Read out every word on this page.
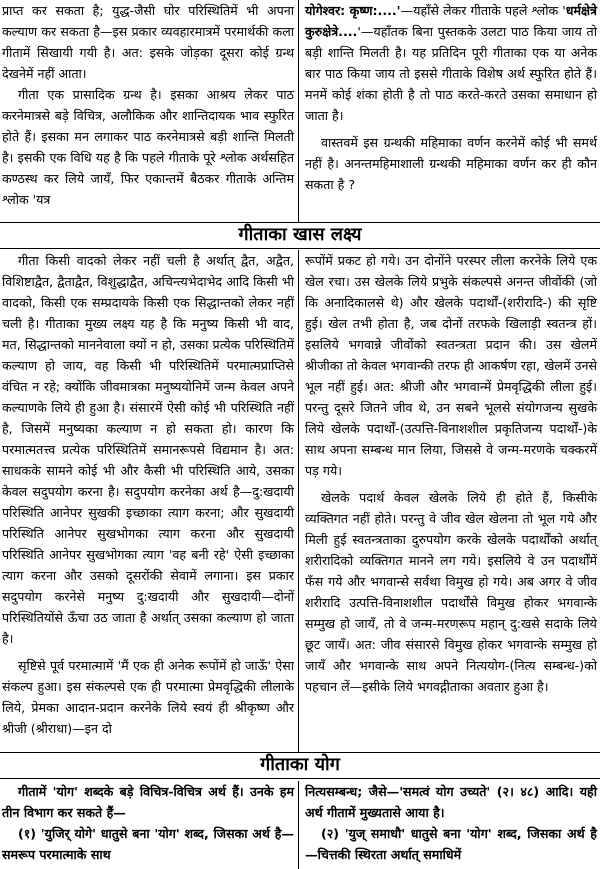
प्राप्त कर सकता है; युद्ध-जैसी घोर परिस्थितिमें भी अपना कल्याण कर सकता है—इस प्रकार व्यवहारमात्रमें परमार्थकी कला गीतामें सिखायी गयी है। अत: इसके जोड़का दूसरा कोई ग्रन्थ देखनेमें नहीं आता।

गीता एक प्रासादिक ग्रन्थ है। इसका आश्रय लेकर पाठ करनेमात्रसे बड़े विचित्र, अलौकिक और शान्तिदायक भाव स्फुरित होते हैं। इसका मन लगाकर पाठ करनेमात्रसे बड़ी शान्ति मिलती है। इसकी एक विधि यह है कि पहले गीताके पूरे श्लोक अर्थसहित कण्ठस्थ कर लिये जायँ, फिर एकान्तमें बैठकर गीताके अन्तिम श्लोक 'यत्र

योगेश्वर: कृष्ण:....'—यहाँसे लेकर गीताके पहले श्लोक 'धर्मक्षेत्रे कुरुक्षेत्रे....'—यहाँतक बिना पुस्तकके उलटा पाठ किया जाय तो बड़ी शान्ति मिलती है। यह प्रतिदिन पूरी गीताका एक या अनेक बार पाठ किया जाय तो इससे गीताके विशेष अर्थ स्फुरित होते हैं। मनमें कोई शंका होती है तो पाठ करते-करते उसका समाधान हो जाता है।

वास्तवमें इस ग्रन्थकी महिमाका वर्णन करनेमें कोई भी समर्थ नहीं है। अनन्तमहिमाशाली ग्रन्थकी महिमाका वर्णन कर ही कौन सकता है ?

गीताका खास लक्ष्य

गीता किसी वादको लेकर नहीं चली है अर्थात् द्वैत, अद्वैत, विशिष्टाद्वैत, द्वैताद्वैत, विशुद्धाद्वैत, अचिन्त्यभेदाभेद आदि किसी भी वादको, किसी एक सम्प्रदायके किसी एक सिद्धान्तको लेकर नहीं चली है। गीताका मुख्य लक्ष्य यह है कि मनुष्य किसी भी वाद, मत, सिद्धान्तको माननेवाला क्यों न हो, उसका प्रत्येक परिस्थितिमें कल्याण हो जाय, वह किसी भी परिस्थितिमें परमात्मप्राप्तिसे वंचित न रहे; क्योंकि जीवमात्रका मनुष्ययोनिमें जन्म केवल अपने कल्याणके लिये ही हुआ है। संसारमें ऐसी कोई भी परिस्थिति नहीं है, जिसमें मनुष्यका कल्याण न हो सकता हो। कारण कि परमात्मतत्त्व प्रत्येक परिस्थितिमें समानरूपसे विद्यमान है। अत: साधकके सामने कोई भी और कैसी भी परिस्थिति आये, उसका केवल सदुपयोग करना है। सदुपयोग करनेका अर्थ है—दु:खदायी परिस्थिति आनेपर सुखकी इच्छाका त्याग करना; और सुखदायी परिस्थिति आनेपर सुखभोगका त्याग करना और सुखदायी परिस्थिति आनेपर सुखभोगका त्याग 'वह बनी रहे' ऐसी इच्छाका त्याग करना और उसको दूसरोंकी सेवामें लगाना। इस प्रकार सदुपयोग करनेसे मनुष्य दु:खदायी और सुखदायी—दोनों परिस्थितियोंसे ऊँचा उठ जाता है अर्थात् उसका कल्याण हो जाता है।

सृष्टिसे पूर्व परमात्मामें 'मैं एक ही अनेक रूपोंमें हो जाऊँ' ऐसा संकल्प हुआ। इस संकल्पसे एक ही परमात्मा प्रेमवृद्धिकी लीलाके लिये, प्रेमका आदान-प्रदान करनेके लिये स्वयं ही श्रीकृष्ण और श्रीजी (श्रीराधा)—इन दो

रूपोंमें प्रकट हो गये। उन दोनोंने परस्पर लीला करनेके लिये एक खेल रचा। उस खेलके लिये प्रभुके संकल्पसे अनन्त जीवोंकी (जो कि अनादिकालसे थे) और खेलके पदार्थों-(शरीरादि-) की सृष्टि हुई। खेल तभी होता है, जब दोनों तरफके खिलाड़ी स्वतन्त्र हों। इसलिये भगवान्ने जीवोंको स्वतन्त्रता प्रदान की। उस खेलमें श्रीजीका तो केवल भगवान्की तरफ ही आकर्षण रहा, खेलमें उनसे भूल नहीं हुई। अत: श्रीजी और भगवान्में प्रेमवृद्धिकी लीला हुई। परन्तु दूसरे जितने जीव थे, उन सबने भूलसे संयोगजन्य सुखके लिये खेलके पदार्थों-(उत्पत्ति-विनाशशील प्रकृतिजन्य पदार्थों-)के साथ अपना सम्बन्ध मान लिया, जिससे वे जन्म-मरणके चक्करमें पड़ गये।

खेलके पदार्थ केवल खेलके लिये ही होते हैं, किसीके व्यक्तिगत नहीं होते। परन्तु वे जीव खेल खेलना तो भूल गये और मिली हुई स्वतन्त्रताका दुरुपयोग करके खेलके पदार्थोंको अर्थात् शरीरादिको व्यक्तिगत मानने लग गये। इसलिये वे उन पदार्थोंमें फँस गये और भगवान्से सर्वथा विमुख हो गये। अब अगर वे जीव शरीरादि उत्पत्ति-विनाशशील पदार्थोंसे विमुख होकर भगवान्के सम्मुख हो जायँ, तो वे जन्म-मरणरूप महान् दु:खसे सदाके लिये छूट जायँ। अत: जीव संसारसे विमुख होकर भगवान्के सम्मुख हो जायँ और भगवान्के साथ अपने नित्ययोग-(नित्य सम्बन्ध-)को पहचान लें—इसीके लिये भगवद्गीताका अवतार हुआ है।

गीताका योग

गीतामें 'योग' शब्दके बड़े विचित्र-विचित्र अर्थ हैं। उनके हम तीन विभाग कर सकते हैं—

(१) 'युजिर् योगे' धातुसे बना 'योग' शब्द, जिसका अर्थ है—समरूप परमात्माके साथ

नित्यसम्बन्ध; जैसे—'समत्वं योग उच्यते' (२। ४८) आदि। यही अर्थ गीतामें मुख्यतासे आया है।

(२) 'युज् समाधौ' धातुसे बना 'योग' शब्द, जिसका अर्थ है—चित्तकी स्थिरता अर्थात् समाधिमें
